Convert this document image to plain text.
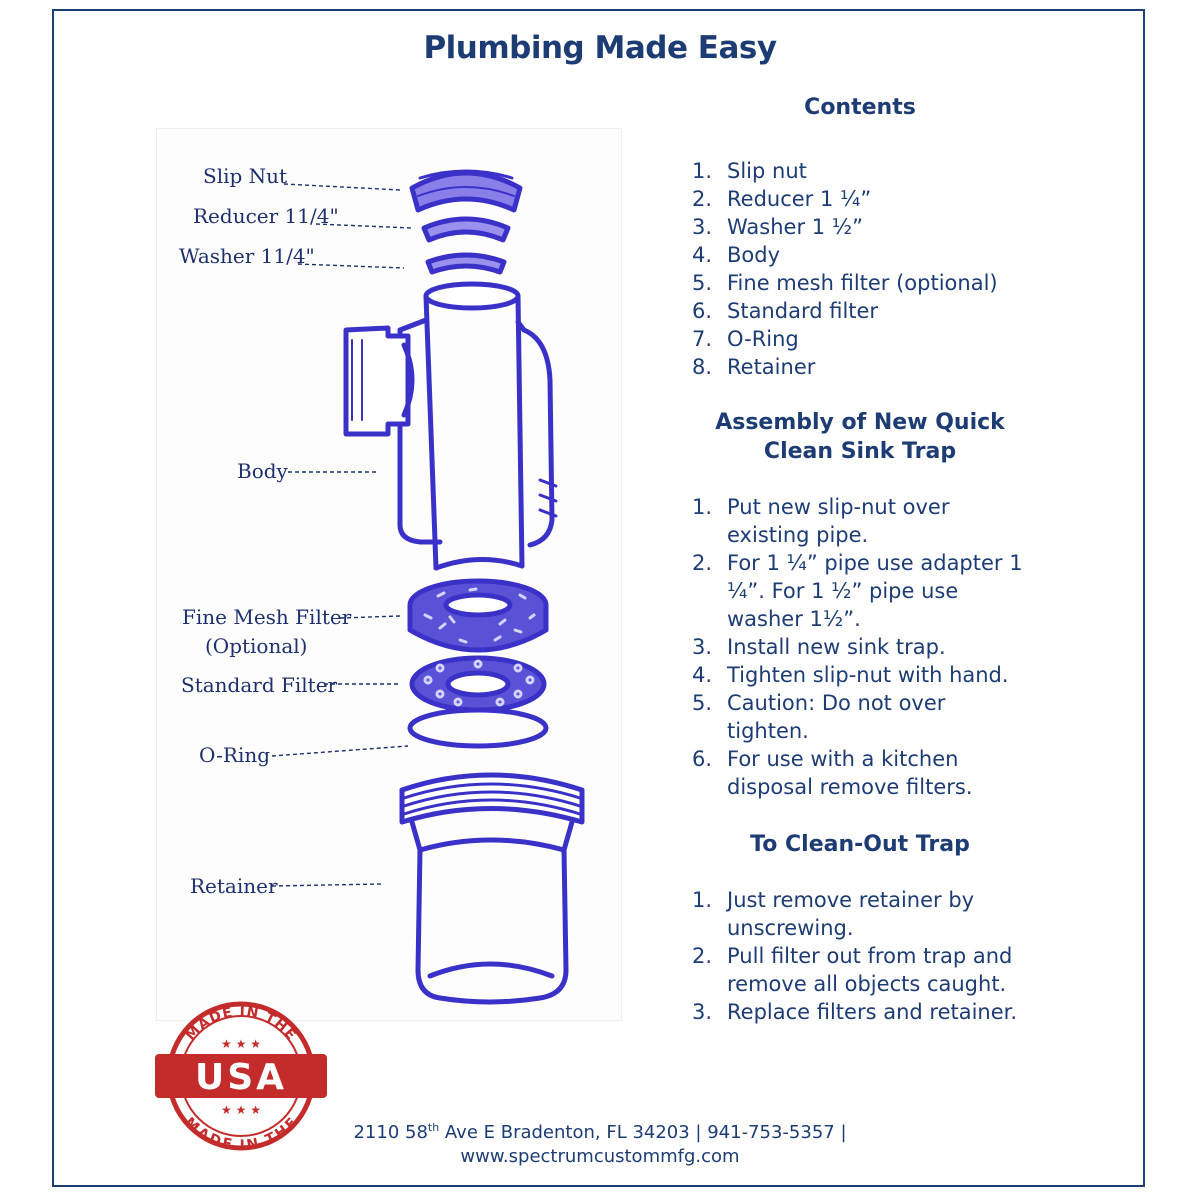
Plumbing Made Easy
Slip Nut
Reducer 11/4"
Washer 11/4"
Body
Fine Mesh Filter
(Optional)
Standard Filter
O-Ring
Retainer
Contents
1. Slip nut
2. Reducer 1 ¼”
3. Washer 1 ½”
4. Body
5. Fine mesh filter (optional)
6. Standard filter
7. O-Ring
8. Retainer
Assembly of New Quick
Clean Sink Trap
1. Put new slip-nut over existing pipe.
2. For 1 ¼” pipe use adapter 1 ¼”. For 1 ½” pipe use washer 1½”.
3. Install new sink trap.
4. Tighten slip-nut with hand.
5. Caution: Do not over tighten.
6. For use with a kitchen disposal remove filters.
To Clean-Out Trap
1. Just remove retainer by unscrewing.
2. Pull filter out from trap and remove all objects caught.
3. Replace filters and retainer.
MADE IN THE
MADE IN THE
USA
★ ★ ★
★ ★ ★
2110 58th Ave E Bradenton, FL 34203 | 941-753-5357 |
www.spectrumcustommfg.com
